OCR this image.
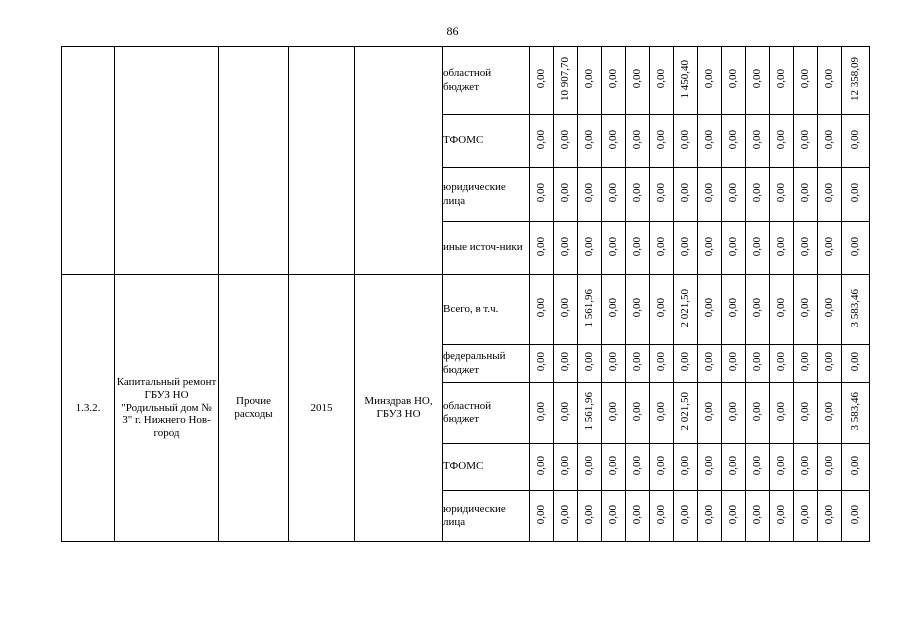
86
					областной бюджет	0,00	10 907,70	0,00	0,00	0,00	0,00	1 450,40	0,00	0,00	0,00	0,00	0,00	0,00	12 358,09
					ТФОМС	0,00	0,00	0,00	0,00	0,00	0,00	0,00	0,00	0,00	0,00	0,00	0,00	0,00	0,00
					юридические лица	0,00	0,00	0,00	0,00	0,00	0,00	0,00	0,00	0,00	0,00	0,00	0,00	0,00	0,00
					иные источ-ники	0,00	0,00	0,00	0,00	0,00	0,00	0,00	0,00	0,00	0,00	0,00	0,00	0,00	0,00
1.3.2.	Капитальный ремонт ГБУЗ НО "Родильный дом № 3" г. Нижнего Нов-город	Прочие расходы	2015	Минздрав НО, ГБУЗ НО	Всего, в т.ч.	0,00	0,00	1 561,96	0,00	0,00	0,00	2 021,50	0,00	0,00	0,00	0,00	0,00	0,00	3 583,46
					федеральный бюджет	0,00	0,00	0,00	0,00	0,00	0,00	0,00	0,00	0,00	0,00	0,00	0,00	0,00	0,00
					областной бюджет	0,00	0,00	1 561,96	0,00	0,00	0,00	2 021,50	0,00	0,00	0,00	0,00	0,00	0,00	3 583,46
					ТФОМС	0,00	0,00	0,00	0,00	0,00	0,00	0,00	0,00	0,00	0,00	0,00	0,00	0,00	0,00
					юридические лица	0,00	0,00	0,00	0,00	0,00	0,00	0,00	0,00	0,00	0,00	0,00	0,00	0,00	0,00
